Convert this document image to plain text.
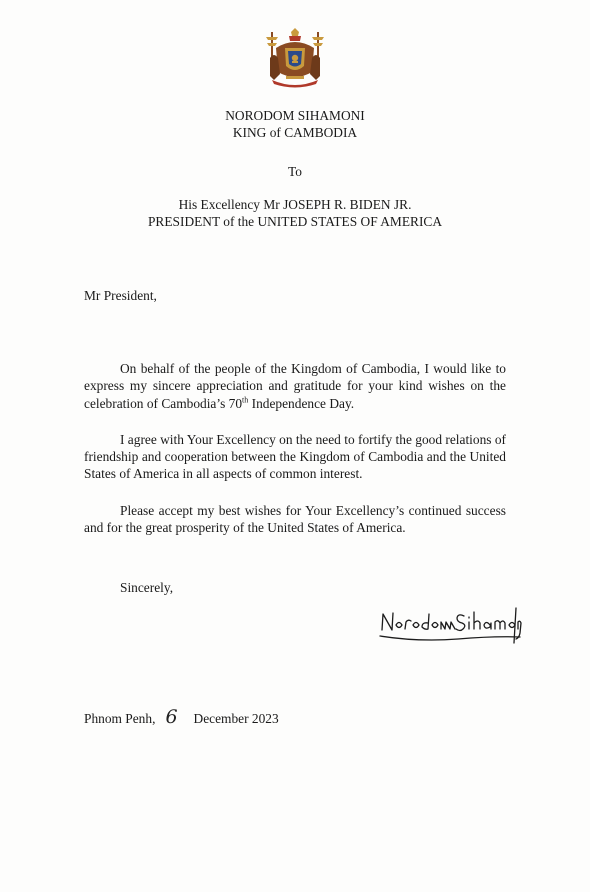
NORODOM SIHAMONI
KING of CAMBODIA
To
His Excellency Mr JOSEPH R. BIDEN JR.
PRESIDENT of the UNITED STATES OF AMERICA
Mr President,

On behalf of the people of the Kingdom of Cambodia, I would like to express my sincere appreciation and gratitude for your kind wishes on the celebration of Cambodia’s 70th Independence Day.

I agree with Your Excellency on the need to fortify the good relations of friendship and cooperation between the Kingdom of Cambodia and the United States of America in all aspects of common interest.

Please accept my best wishes for Your Excellency’s continued success and for the great prosperity of the United States of America.

Sincerely,
Phnom Penh, 6 December 2023
